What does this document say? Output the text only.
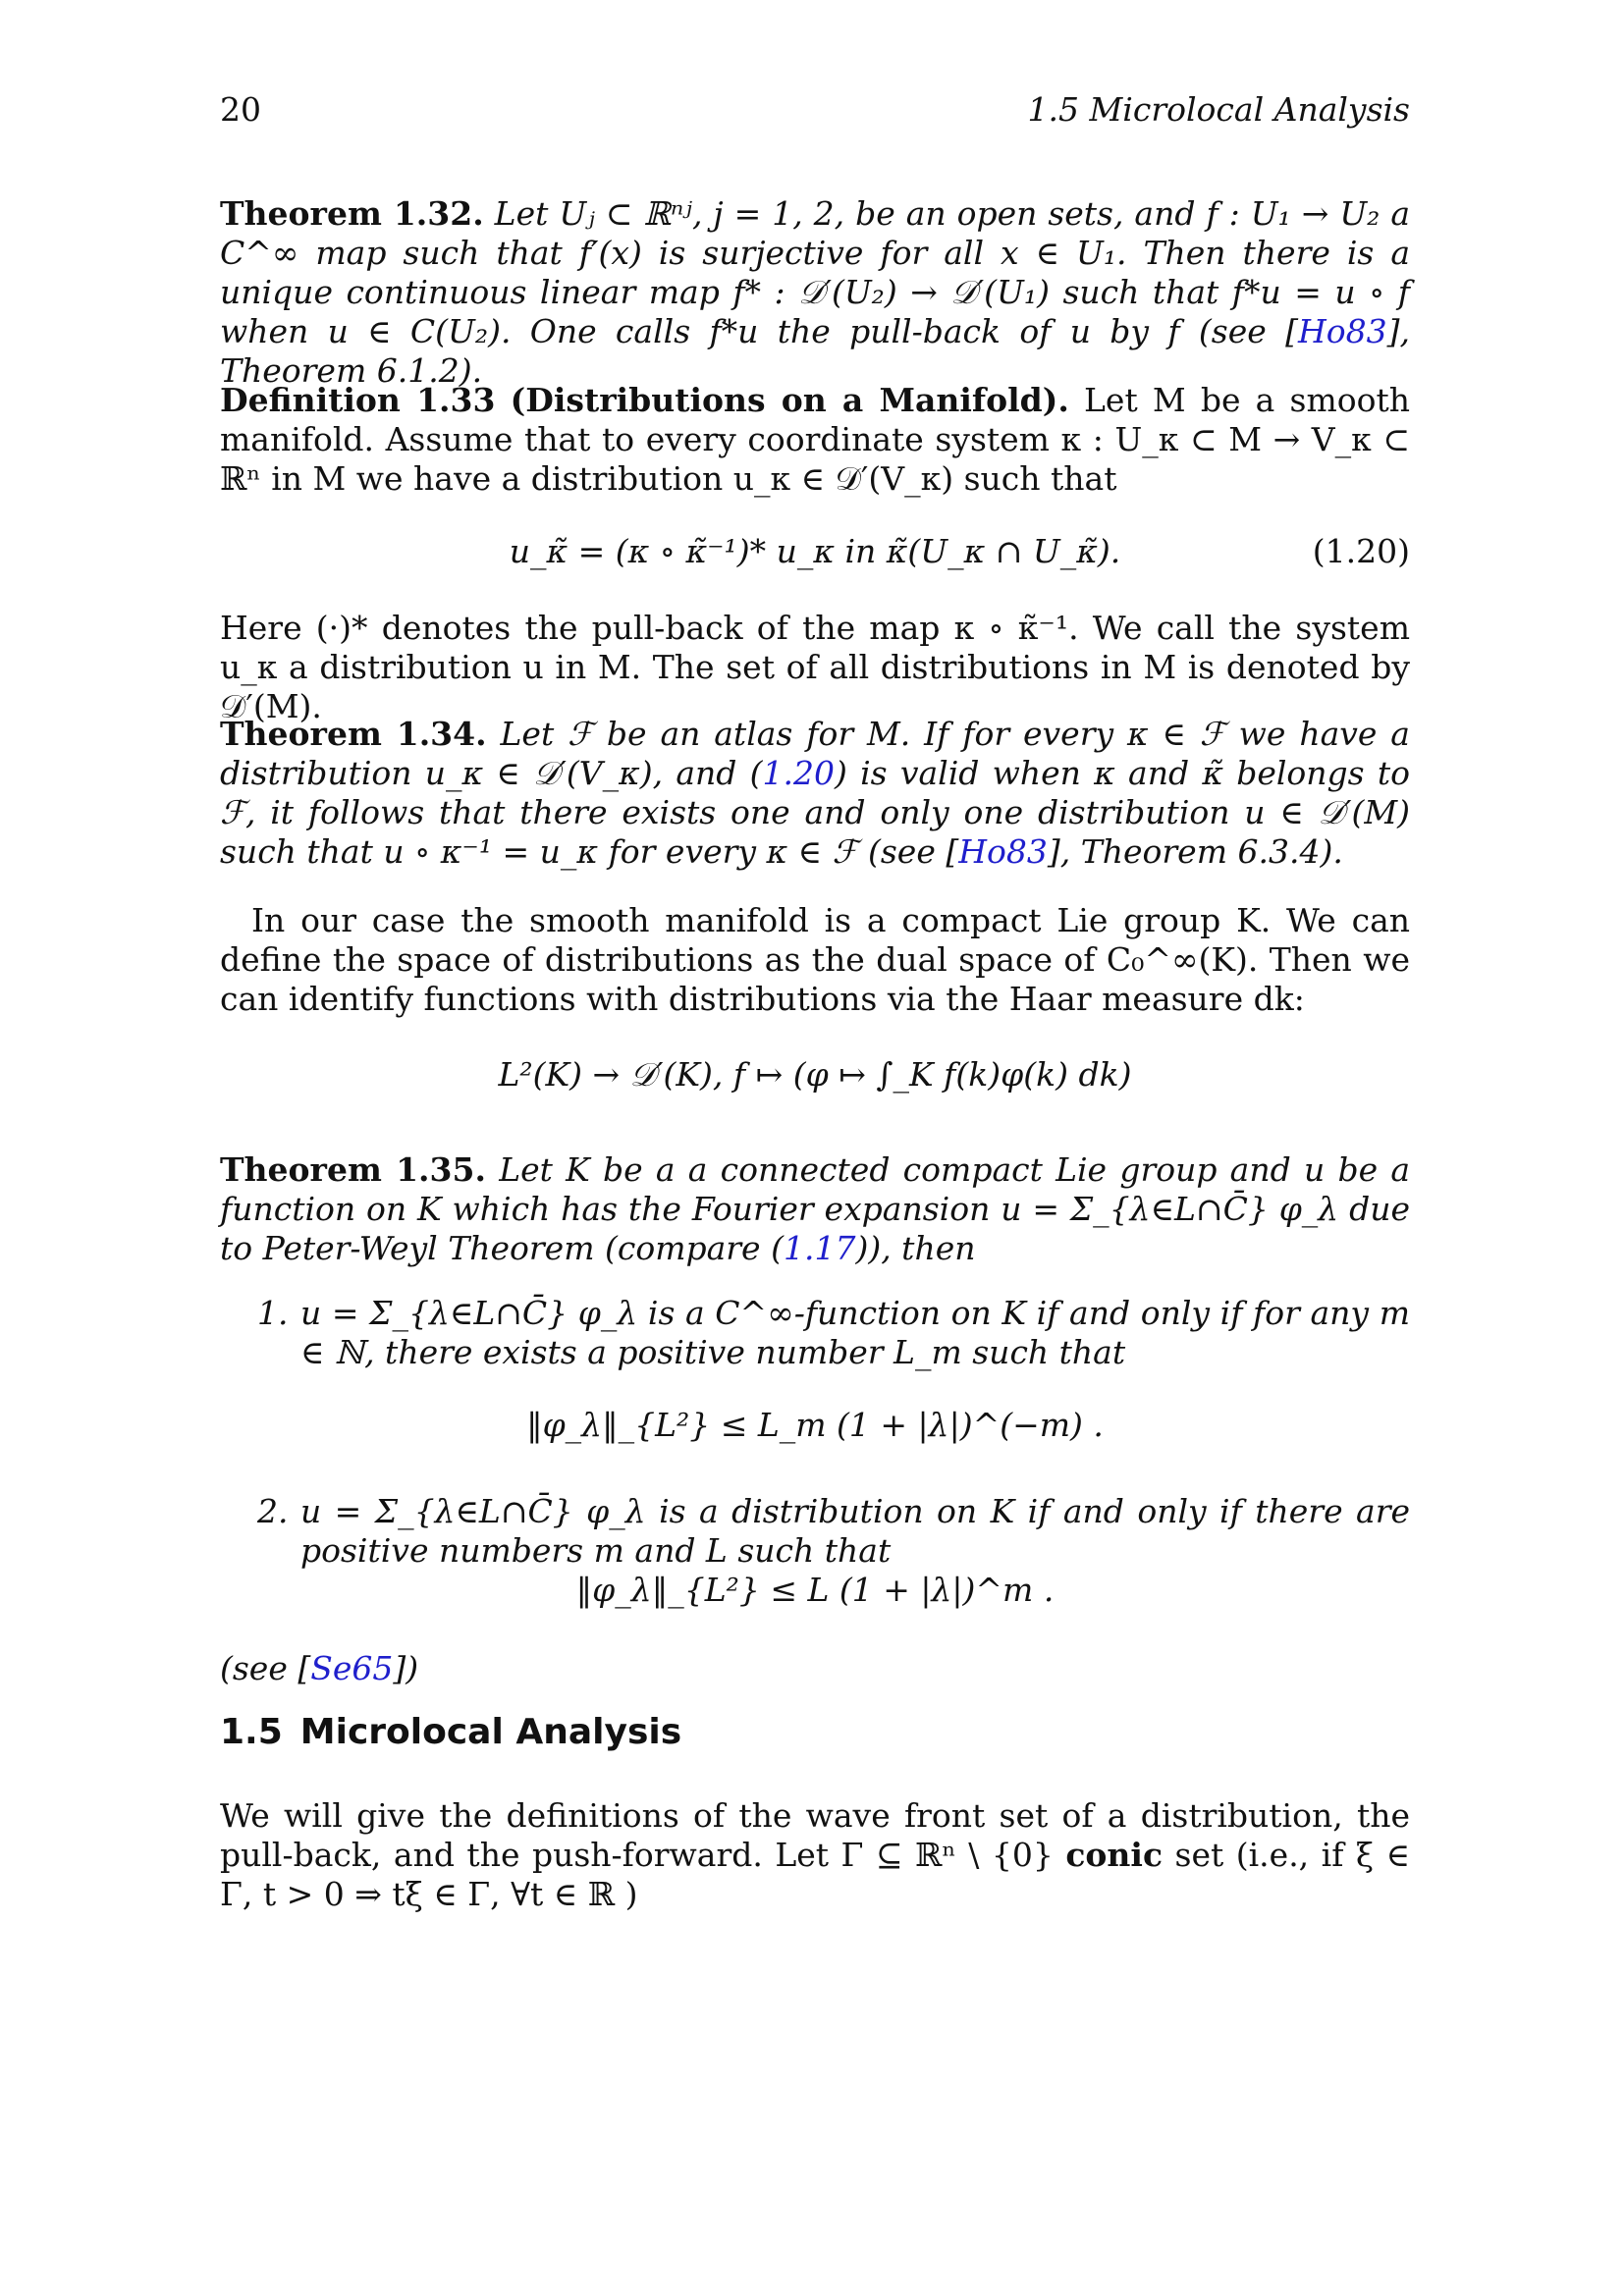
20	1.5 Microlocal Analysis
Theorem 1.32. Let Uⱼ ⊂ ℝⁿʲ, j = 1, 2, be an open sets, and f : U₁ → U₂ a C^∞ map such that f′(x) is surjective for all x ∈ U₁. Then there is a unique continuous linear map f* : 𝒟′(U₂) → 𝒟′(U₁) such that f*u = u ∘ f when u ∈ C(U₂). One calls f*u the pull-back of u by f (see [Ho83], Theorem 6.1.2).
Definition 1.33 (Distributions on a Manifold). Let M be a smooth manifold. Assume that to every coordinate system κ : U_κ ⊂ M → V_κ ⊂ ℝⁿ in M we have a distribution u_κ ∈ 𝒟′(V_κ) such that
u_κ̃ = (κ ∘ κ̃⁻¹)* u_κ in κ̃(U_κ ∩ U_κ̃).	(1.20)
Here (·)* denotes the pull-back of the map κ ∘ κ̃⁻¹. We call the system u_κ a distribution u in M. The set of all distributions in M is denoted by 𝒟′(M).
Theorem 1.34. Let ℱ be an atlas for M. If for every κ ∈ ℱ we have a distribution u_κ ∈ 𝒟′(V_κ), and (1.20) is valid when κ and κ̃ belongs to ℱ, it follows that there exists one and only one distribution u ∈ 𝒟′(M) such that u ∘ κ⁻¹ = u_κ for every κ ∈ ℱ (see [Ho83], Theorem 6.3.4).
In our case the smooth manifold is a compact Lie group K. We can define the space of distributions as the dual space of C₀^∞(K). Then we can identify functions with distributions via the Haar measure dk:
L²(K) → 𝒟′(K), f ↦ (φ ↦ ∫_K f(k)φ(k) dk)
Theorem 1.35. Let K be a a connected compact Lie group and u be a function on K which has the Fourier expansion u = Σ_{λ∈L∩C̄} φ_λ due to Peter-Weyl Theorem (compare (1.17)), then
1. u = Σ_{λ∈L∩C̄} φ_λ is a C^∞-function on K if and only if for any m ∈ ℕ, there exists a positive number L_m such that
‖φ_λ‖_{L²} ≤ L_m (1 + |λ|)^(−m) .
2. u = Σ_{λ∈L∩C̄} φ_λ is a distribution on K if and only if there are positive numbers m and L such that
‖φ_λ‖_{L²} ≤ L (1 + |λ|)^m .
(see [Se65])
1.5 Microlocal Analysis
We will give the definitions of the wave front set of a distribution, the pull-back, and the push-forward. Let Γ ⊆ ℝⁿ \ {0} conic set (i.e., if ξ ∈ Γ, t > 0 ⇒ tξ ∈ Γ, ∀t ∈ ℝ )
